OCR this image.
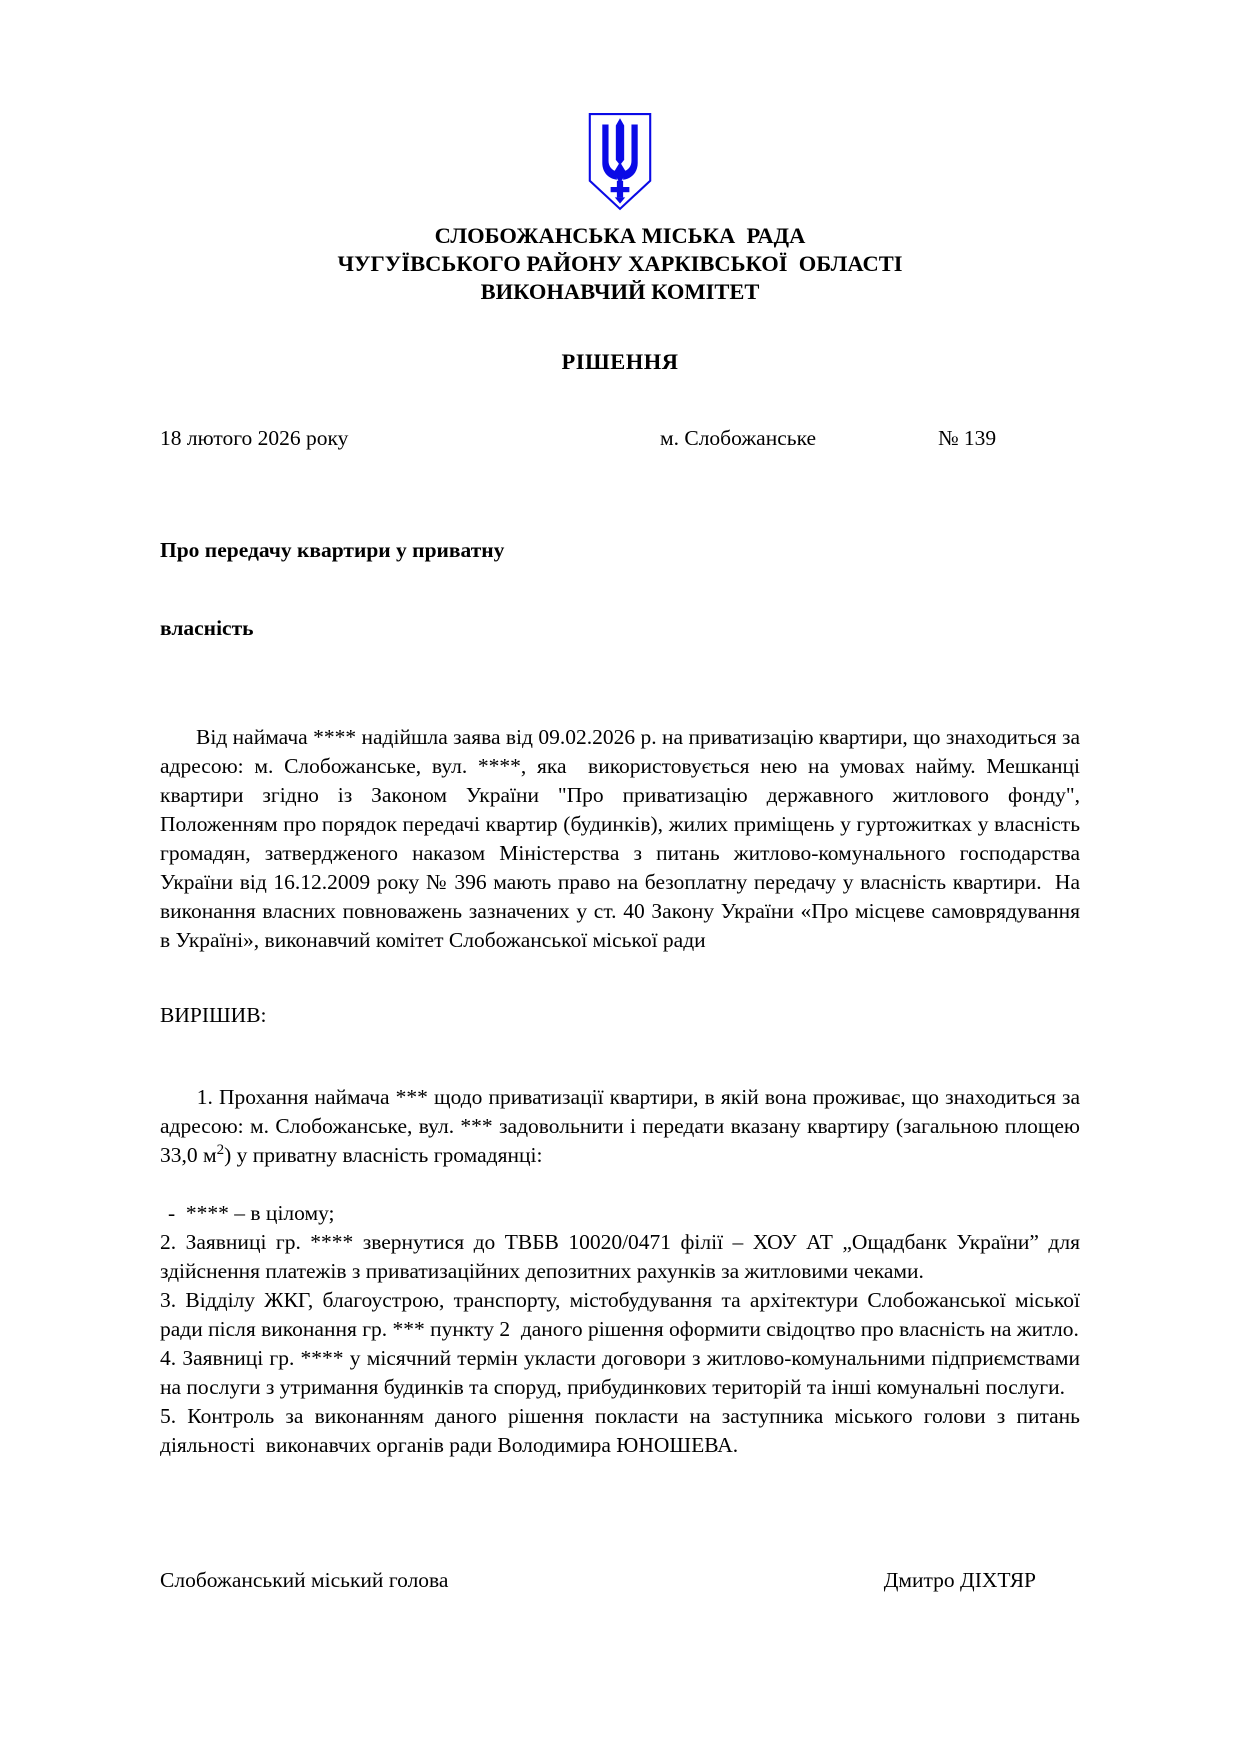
СЛОБОЖАНСЬКА МІСЬКА  РАДА
ЧУГУЇВСЬКОГО РАЙОНУ ХАРКІВСЬКОЇ  ОБЛАСТІ
ВИКОНАВЧИЙ КОМІТЕТ
РІШЕННЯ
18 лютого 2026 року	м. Слобожанське	№ 139

Про передачу квартири у приватну

власність

Від наймача **** надійшла заява від 09.02.2026 р. на приватизацію квартири, що знаходиться за адресою: м. Слобожанське, вул. ****, яка  використовується нею на умовах найму. Мешканці квартири згідно із Законом України "Про приватизацію державного житлового фонду", Положенням про порядок передачі квартир (будинків), жилих приміщень у гуртожитках у власність громадян, затвердженого наказом Міністерства з питань житлово-комунального господарства України від 16.12.2009 року № 396 мають право на безоплатну передачу у власність квартири.  На виконання власних повноважень зазначених у ст. 40 Закону України «Про місцеве самоврядування в Україні», виконавчий комітет Слобожанської міської ради

ВИРІШИВ:

1. Прохання наймача *** щодо приватизації квартири, в якій вона проживає, що знаходиться за адресою: м. Слобожанське, вул. *** задовольнити і передати вказану квартиру (загальною площею 33,0 $м^2$) у приватну власність громадянці:

-  **** – в цілому;

2. Заявниці гр. **** звернутися до ТВБВ 10020/0471 філії – ХОУ АТ „Ощадбанк України” для здійснення платежів з приватизаційних депозитних рахунків за житловими чеками.

3. Відділу ЖКГ, благоустрою, транспорту, містобудування та архітектури Слобожанської міської ради після виконання гр. *** пункту 2  даного рішення оформити свідоцтво про власність на житло.

4. Заявниці гр. **** у місячний термін укласти договори з житлово-комунальними підприємствами на послуги з утримання будинків та споруд, прибудинкових територій та інші комунальні послуги.

5. Контроль за виконанням даного рішення покласти на заступника міського голови з питань діяльності  виконавчих органів ради Володимира ЮНОШЕВА.

Слобожанський міський голова	Дмитро ДІХТЯР
